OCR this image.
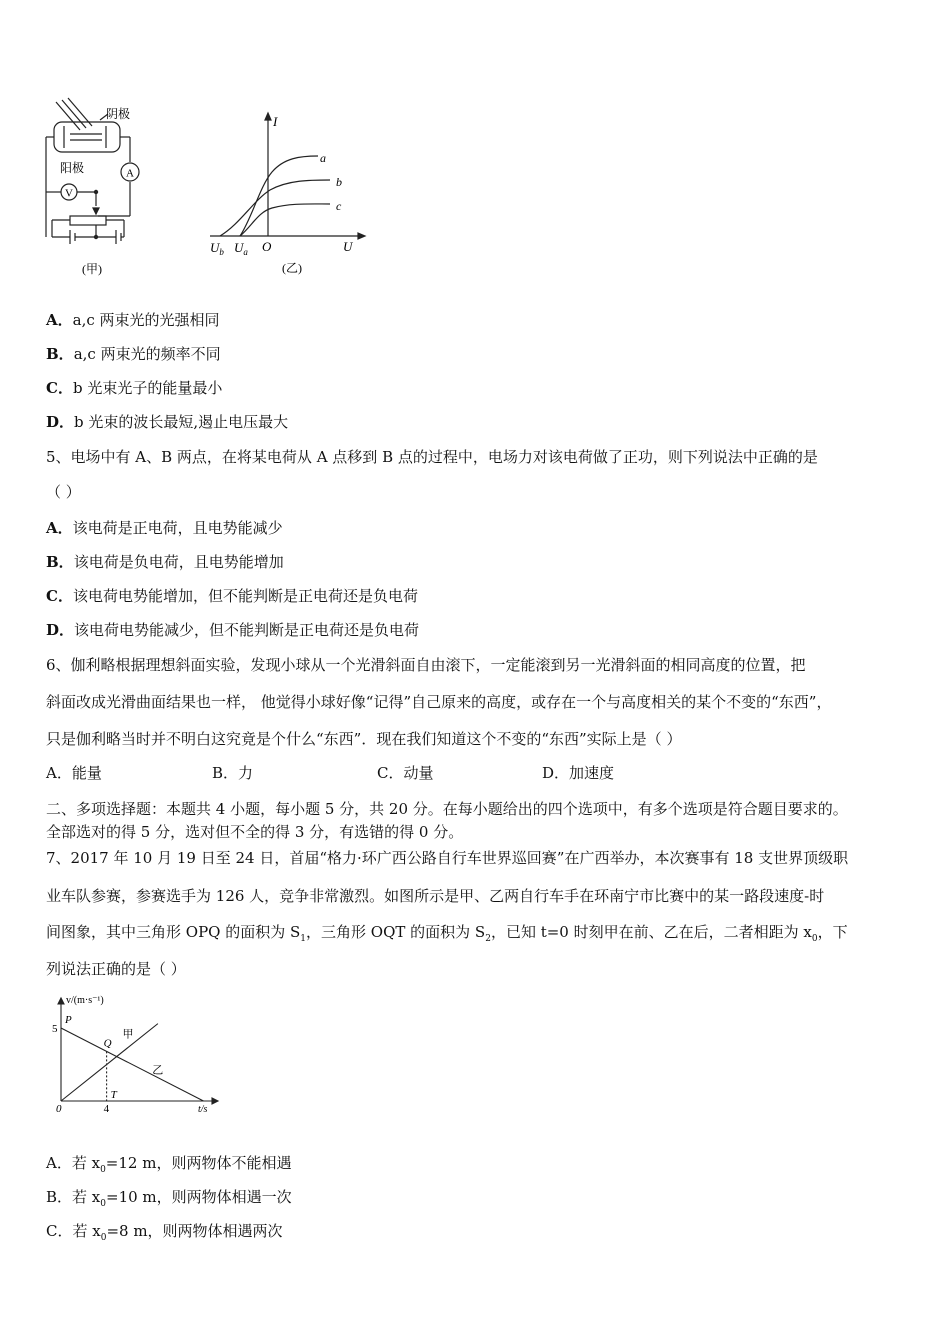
V
A
阴极
阳极
(甲)
I
U
O
a
b
c
$U_b$ $U_a$
(乙)
A．a,c 两束光的光强相同
B．a,c 两束光的频率不同
C．b 光束光子的能量最小
D．b 光束的波长最短,遏止电压最大
5、电场中有 A、B 两点，在将某电荷从 A 点移到 B 点的过程中，电场力对该电荷做了正功，则下列说法中正确的是
（ ）
A．该电荷是正电荷，且电势能减少
B．该电荷是负电荷，且电势能增加
C．该电荷电势能增加，但不能判断是正电荷还是负电荷
D．该电荷电势能减少，但不能判断是正电荷还是负电荷
6、伽利略根据理想斜面实验，发现小球从一个光滑斜面自由滚下，一定能滚到另一光滑斜面的相同高度的位置，把
斜面改成光滑曲面结果也一样， 他觉得小球好像“记得”自己原来的高度，或存在一个与高度相关的某个不变的“东西”，
只是伽利略当时并不明白这究竟是个什么“东西”．现在我们知道这个不变的“东西”实际上是（ ）
A．能量	B．力	C．动量	D．加速度
二、多项选择题：本题共 4 小题，每小题 5 分，共 20 分。在每小题给出的四个选项中，有多个选项是符合题目要求的。
全部选对的得 5 分，选对但不全的得 3 分，有选错的得 0 分。
7、2017 年 10 月 19 日至 24 日，首届“格力·环广西公路自行车世界巡回赛”在广西举办，本次赛事有 18 支世界顶级职
业车队参赛，参赛选手为 126 人，竞争非常激烈。如图所示是甲、乙两自行车手在环南宁市比赛中的某一路段速度-时
间图象，其中三角形 OPQ 的面积为 $S_1$，三角形 OQT 的面积为 $S_2$，已知 t=0 时刻甲在前、乙在后，二者相距为 $x_0$，下
列说法正确的是（ ）
v/(m·s⁻¹)
t/s
0	4
5
P
Q
T
甲
乙
A．若 $x_0=12$ m，则两物体不能相遇
B．若 $x_0=10$ m，则两物体相遇一次
C．若 $x_0=8$ m，则两物体相遇两次
